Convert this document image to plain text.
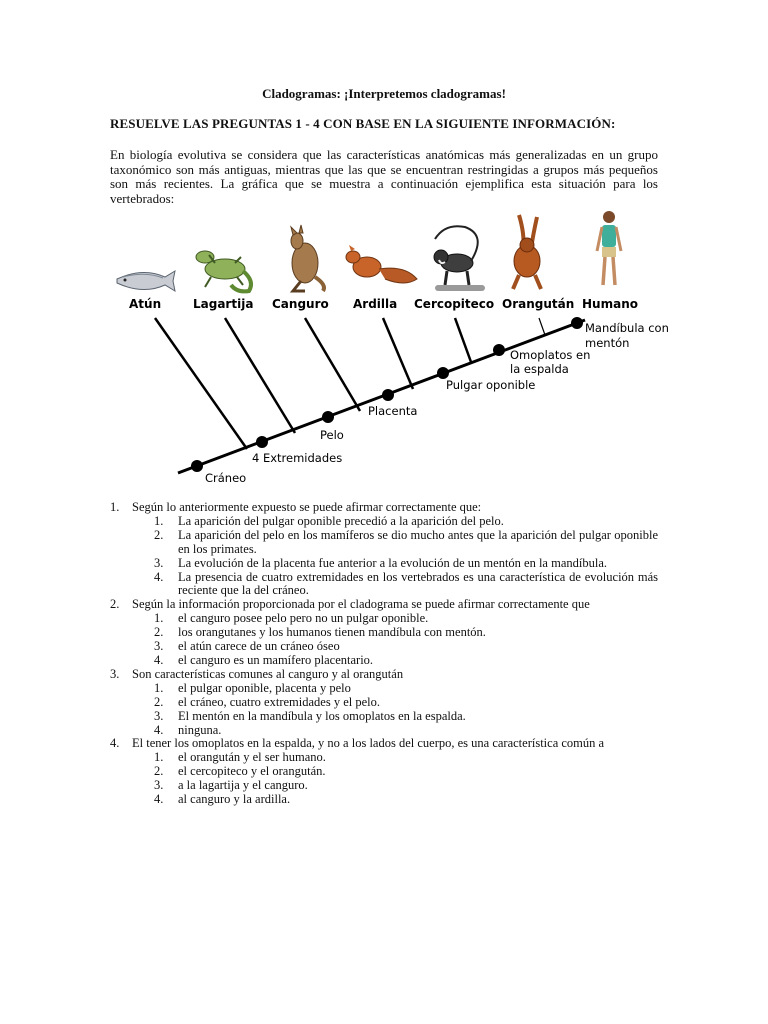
Cladogramas: ¡Interpretemos cladogramas!
RESUELVE LAS PREGUNTAS 1 - 4 CON BASE EN LA SIGUIENTE INFORMACIÓN:
En biología evolutiva se considera que las características anatómicas más generalizadas en un grupo taxonómico son más antiguas, mientras que las que se encuentran restringidas a grupos más pequeños son más recientes. La gráfica que se muestra a continuación ejemplifica esta situación para los vertebrados:
Atún	Lagartija Canguro Ardilla Cercopiteco Orangután Humano
Cráneo
4 Extremidades
Pelo
Placenta
Pulgar oponible
Omoplatos en
la espalda
Mandíbula con
mentón
1.	Según lo anteriormente expuesto se puede afirmar correctamente que:
1.	La aparición del pulgar oponible precedió a la aparición del pelo.
2.	La aparición del pelo en los mamíferos se dio mucho antes que la aparición del pulgar oponible en los primates.
3.	La evolución de la placenta fue anterior a la evolución de un mentón en la mandíbula.
4.	La presencia de cuatro extremidades en los vertebrados es una característica de evolución más reciente que la del cráneo.
2.	Según la información proporcionada por el cladograma se puede afirmar correctamente que
1.	el canguro posee pelo pero no un pulgar oponible.
2.	los orangutanes y los humanos tienen mandíbula con mentón.
3.	el atún carece de un cráneo óseo
4.	el canguro es un mamífero placentario.
3.	Son características comunes al canguro y al orangután
1.	el pulgar oponible, placenta y pelo
2.	el cráneo, cuatro extremidades y el pelo.
3.	El mentón en la mandíbula y los omoplatos en la espalda.
4.	ninguna.
4.	El tener los omoplatos en la espalda, y no a los lados del cuerpo, es una característica común a
1.	el orangután y el ser humano.
2.	el cercopiteco y el orangután.
3.	a la lagartija y el canguro.
4.	al canguro y la ardilla.
